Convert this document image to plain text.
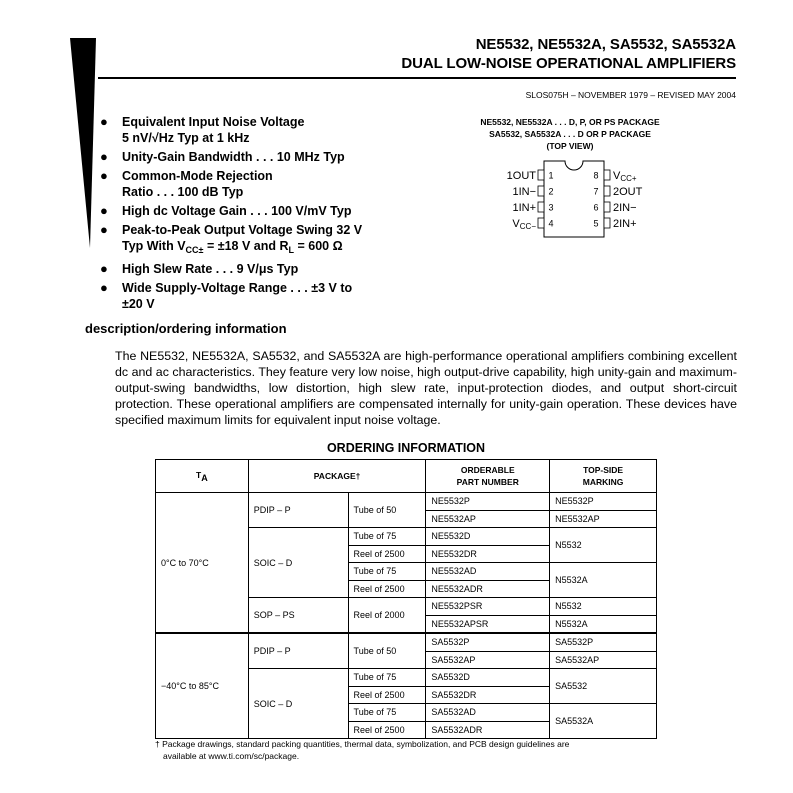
NE5532, NE5532A, SA5532, SA5532A
DUAL LOW-NOISE OPERATIONAL AMPLIFIERS
SLOS075H – NOVEMBER 1979 – REVISED MAY 2004
● Equivalent Input Noise Voltage
5 nV/√Hz Typ at 1 kHz
● Unity-Gain Bandwidth . . . 10 MHz Typ
● Common-Mode Rejection
Ratio . . . 100 dB Typ
● High dc Voltage Gain . . . 100 V/mV Typ
● Peak-to-Peak Output Voltage Swing 32 V
Typ With $V_{CC\pm} = \pm 18$ V and $R_L = 600$ Ω
● High Slew Rate . . . 9 V/μs Typ
● Wide Supply-Voltage Range . . . ±3 V to
±20 V
NE5532, NE5532A . . . D, P, OR PS PACKAGE
SA5532, SA5532A . . . D OR P PACKAGE
(TOP VIEW)
1
1OUT
2
1IN−
3
1IN+
4
VCC−
8 VCC+
7 2OUT
6 2IN−
5 2IN+
description/ordering information
The NE5532, NE5532A, SA5532, and SA5532A are high-performance operational amplifiers combining excellent dc and ac characteristics. They feature very low noise, high output-drive capability, high unity-gain and maximum-output-swing bandwidths, low distortion, high slew rate, input-protection diodes, and output short-circuit protection. These operational amplifiers are compensated internally for unity-gain operation. These devices have specified maximum limits for equivalent input noise voltage.
ORDERING INFORMATION
TA	PACKAGE†		ORDERABLE
PART NUMBER	TOP-SIDE
MARKING
0°C to 70°C	PDIP – P	Tube of 50	NE5532P	NE5532P
			NE5532AP	NE5532AP
	SOIC – D	Tube of 75	NE5532D	N5532
		Reel of 2500	NE5532DR	
		Tube of 75	NE5532AD	N5532A
		Reel of 2500	NE5532ADR	
	SOP – PS	Reel of 2000	NE5532PSR	N5532
			NE5532APSR	N5532A
−40°C to 85°C	PDIP – P	Tube of 50	SA5532P	SA5532P
			SA5532AP	SA5532AP
	SOIC – D	Tube of 75	SA5532D	SA5532
		Reel of 2500	SA5532DR	
		Tube of 75	SA5532AD	SA5532A
		Reel of 2500	SA5532ADR	
† Package drawings, standard packing quantities, thermal data, symbolization, and PCB design guidelines are
available at www.ti.com/sc/package.
